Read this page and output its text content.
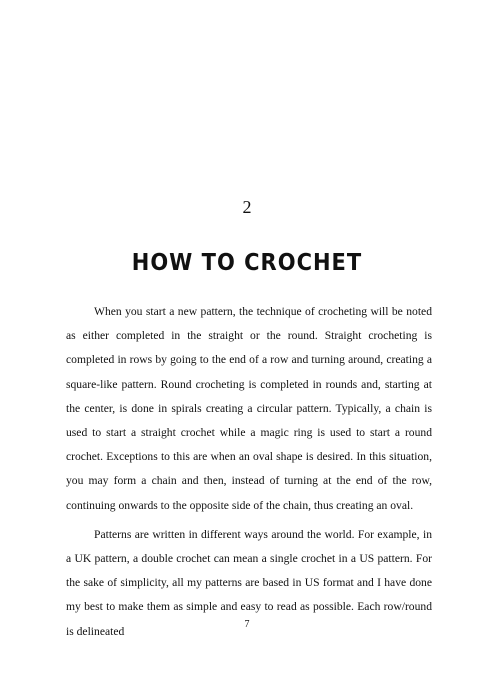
2
HOW TO CROCHET

When you start a new pattern, the technique of crocheting will be noted as either completed in the straight or the round. Straight crocheting is completed in rows by going to the end of a row and turning around, creating a square-like pattern. Round crocheting is completed in rounds and, starting at the center, is done in spirals creating a circular pattern. Typically, a chain is used to start a straight crochet while a magic ring is used to start a round crochet. Exceptions to this are when an oval shape is desired. In this situation, you may form a chain and then, instead of turning at the end of the row, continuing onwards to the opposite side of the chain, thus creating an oval.

Patterns are written in different ways around the world. For example, in a UK pattern, a double crochet can mean a single crochet in a US pattern. For the sake of simplicity, all my patterns are based in US format and I have done my best to make them as simple and easy to read as possible. Each row/round is delineated

7
